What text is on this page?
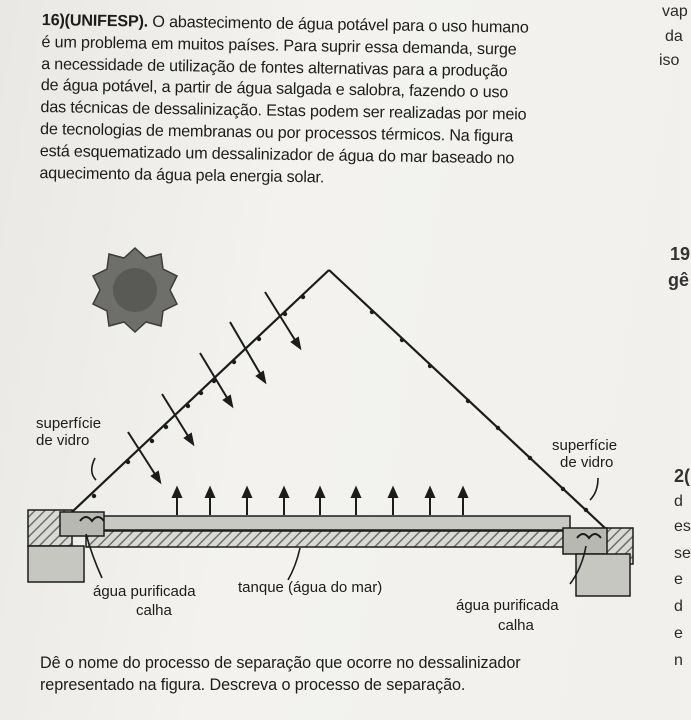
16)(UNIFESP). O abastecimento de água potável para o uso humano

é um problema em muitos países. Para suprir essa demanda, surge

a necessidade de utilização de fontes alternativas para a produção

de água potável, a partir de água salgada e salobra, fazendo o uso

das técnicas de dessalinização. Estas podem ser realizadas por meio

de tecnologias de membranas ou por processos térmicos. Na figura

está esquematizado um dessalinizador de água do mar baseado no

aquecimento da água pela energia solar.

superfície
de vidro	superfície
de vidro
água purificada	tanque (água do mar)
água purificada
calha
calha

Dê o nome do processo de separação que ocorre no dessalinizador

representado na figura. Descreva o processo de separação.

vap
da
iso
19
gê
2(
d
es
se
e
d
e
n
